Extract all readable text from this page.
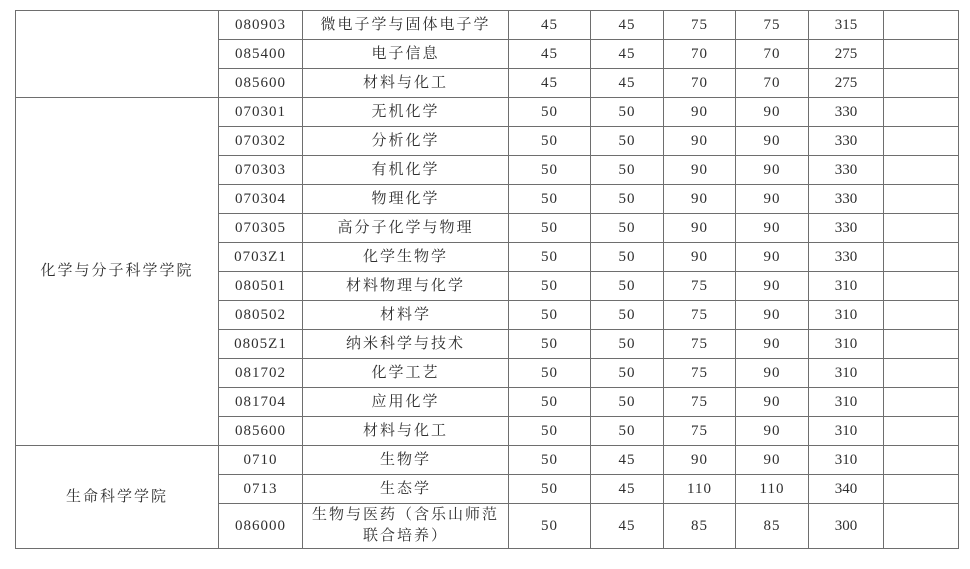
	080903	微电子学与固体电子学	45	45	75	75	315	
	085400	电子信息	45	45	70	70	275	
	085600	材料与化工	45	45	70	70	275	
化学与分子科学学院	070301	无机化学	50	50	90	90	330	
	070302	分析化学	50	50	90	90	330	
	070303	有机化学	50	50	90	90	330	
	070304	物理化学	50	50	90	90	330	
	070305	高分子化学与物理	50	50	90	90	330	
	0703Z1	化学生物学	50	50	90	90	330	
	080501	材料物理与化学	50	50	75	90	310	
	080502	材料学	50	50	75	90	310	
	0805Z1	纳米科学与技术	50	50	75	90	310	
	081702	化学工艺	50	50	75	90	310	
	081704	应用化学	50	50	75	90	310	
	085600	材料与化工	50	50	75	90	310	
生命科学学院	0710	生物学	50	45	90	90	310	
	0713	生态学	50	45	110	110	340	
	086000	生物与医药（含乐山师范联合培养）	50	45	85	85	300	
